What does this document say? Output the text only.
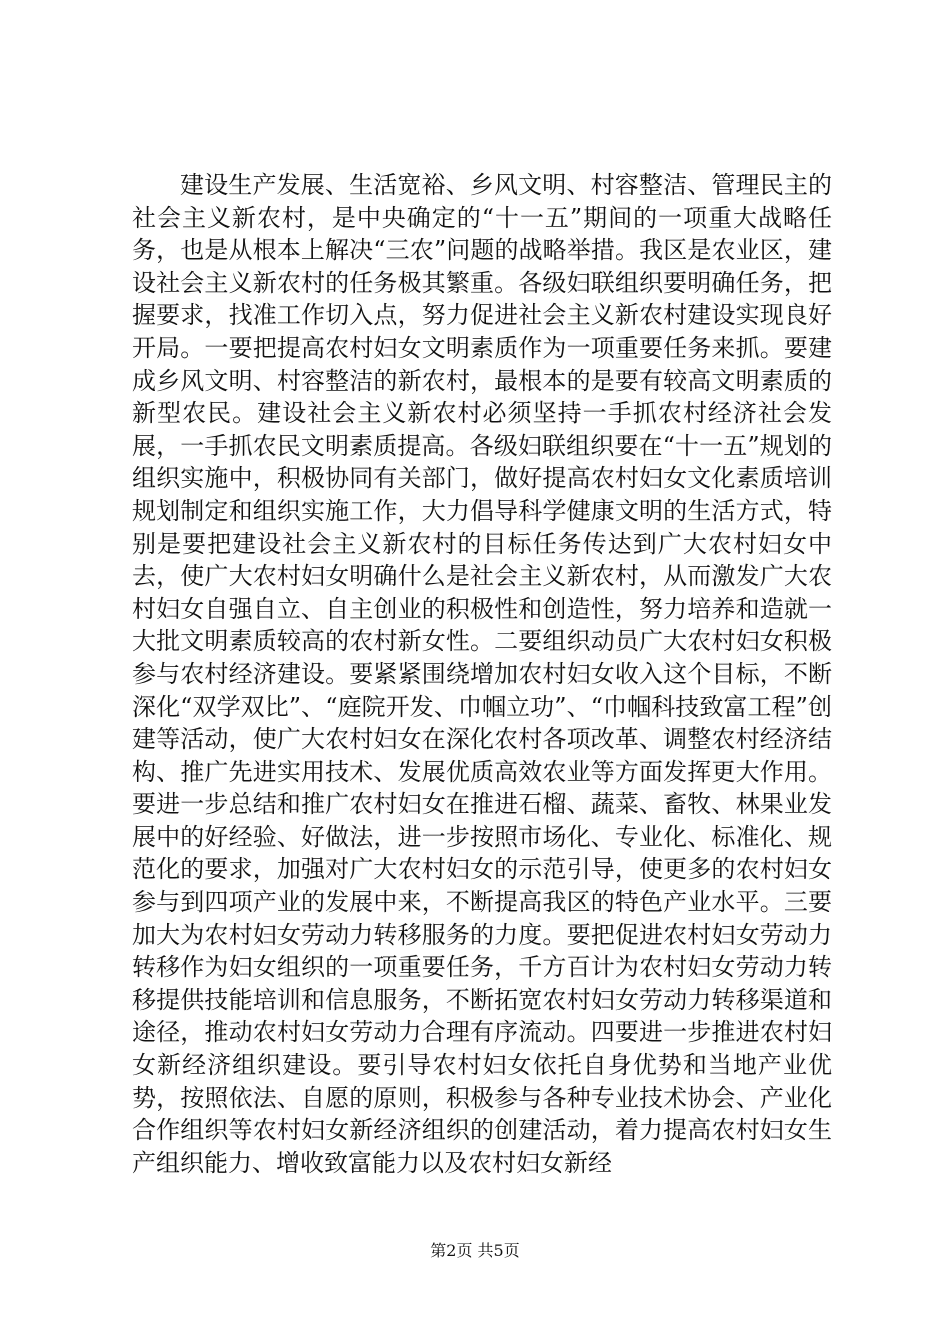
建设生产发展、生活宽裕、乡风文明、村容整洁、管理民主的社会主义新农村，是中央确定的“十一五”期间的一项重大战略任务，也是从根本上解决“三农”问题的战略举措。我区是农业区，建设社会主义新农村的任务极其繁重。各级妇联组织要明确任务，把握要求，找准工作切入点，努力促进社会主义新农村建设实现良好开局。一要把提高农村妇女文明素质作为一项重要任务来抓。要建成乡风文明、村容整洁的新农村，最根本的是要有较高文明素质的新型农民。建设社会主义新农村必须坚持一手抓农村经济社会发展，一手抓农民文明素质提高。各级妇联组织要在“十一五”规划的组织实施中，积极协同有关部门，做好提高农村妇女文化素质培训规划制定和组织实施工作，大力倡导科学健康文明的生活方式，特别是要把建设社会主义新农村的目标任务传达到广大农村妇女中去，使广大农村妇女明确什么是社会主义新农村，从而激发广大农村妇女自强自立、自主创业的积极性和创造性，努力培养和造就一大批文明素质较高的农村新女性。二要组织动员广大农村妇女积极参与农村经济建设。要紧紧围绕增加农村妇女收入这个目标，不断深化“双学双比”、“庭院开发、巾帼立功”、“巾帼科技致富工程”创建等活动，使广大农村妇女在深化农村各项改革、调整农村经济结构、推广先进实用技术、发展优质高效农业等方面发挥更大作用。要进一步总结和推广农村妇女在推进石榴、蔬菜、畜牧、林果业发展中的好经验、好做法，进一步按照市场化、专业化、标准化、规范化的要求，加强对广大农村妇女的示范引导，使更多的农村妇女参与到四项产业的发展中来，不断提高我区的特色产业水平。三要加大为农村妇女劳动力转移服务的力度。要把促进农村妇女劳动力转移作为妇女组织的一项重要任务，千方百计为农村妇女劳动力转移提供技能培训和信息服务，不断拓宽农村妇女劳动力转移渠道和途径，推动农村妇女劳动力合理有序流动。四要进一步推进农村妇女新经济组织建设。要引导农村妇女依托自身优势和当地产业优势，按照依法、自愿的原则，积极参与各种专业技术协会、产业化合作组织等农村妇女新经济组织的创建活动，着力提高农村妇女生产组织能力、增收致富能力以及农村妇女新经

第2页 共5页
